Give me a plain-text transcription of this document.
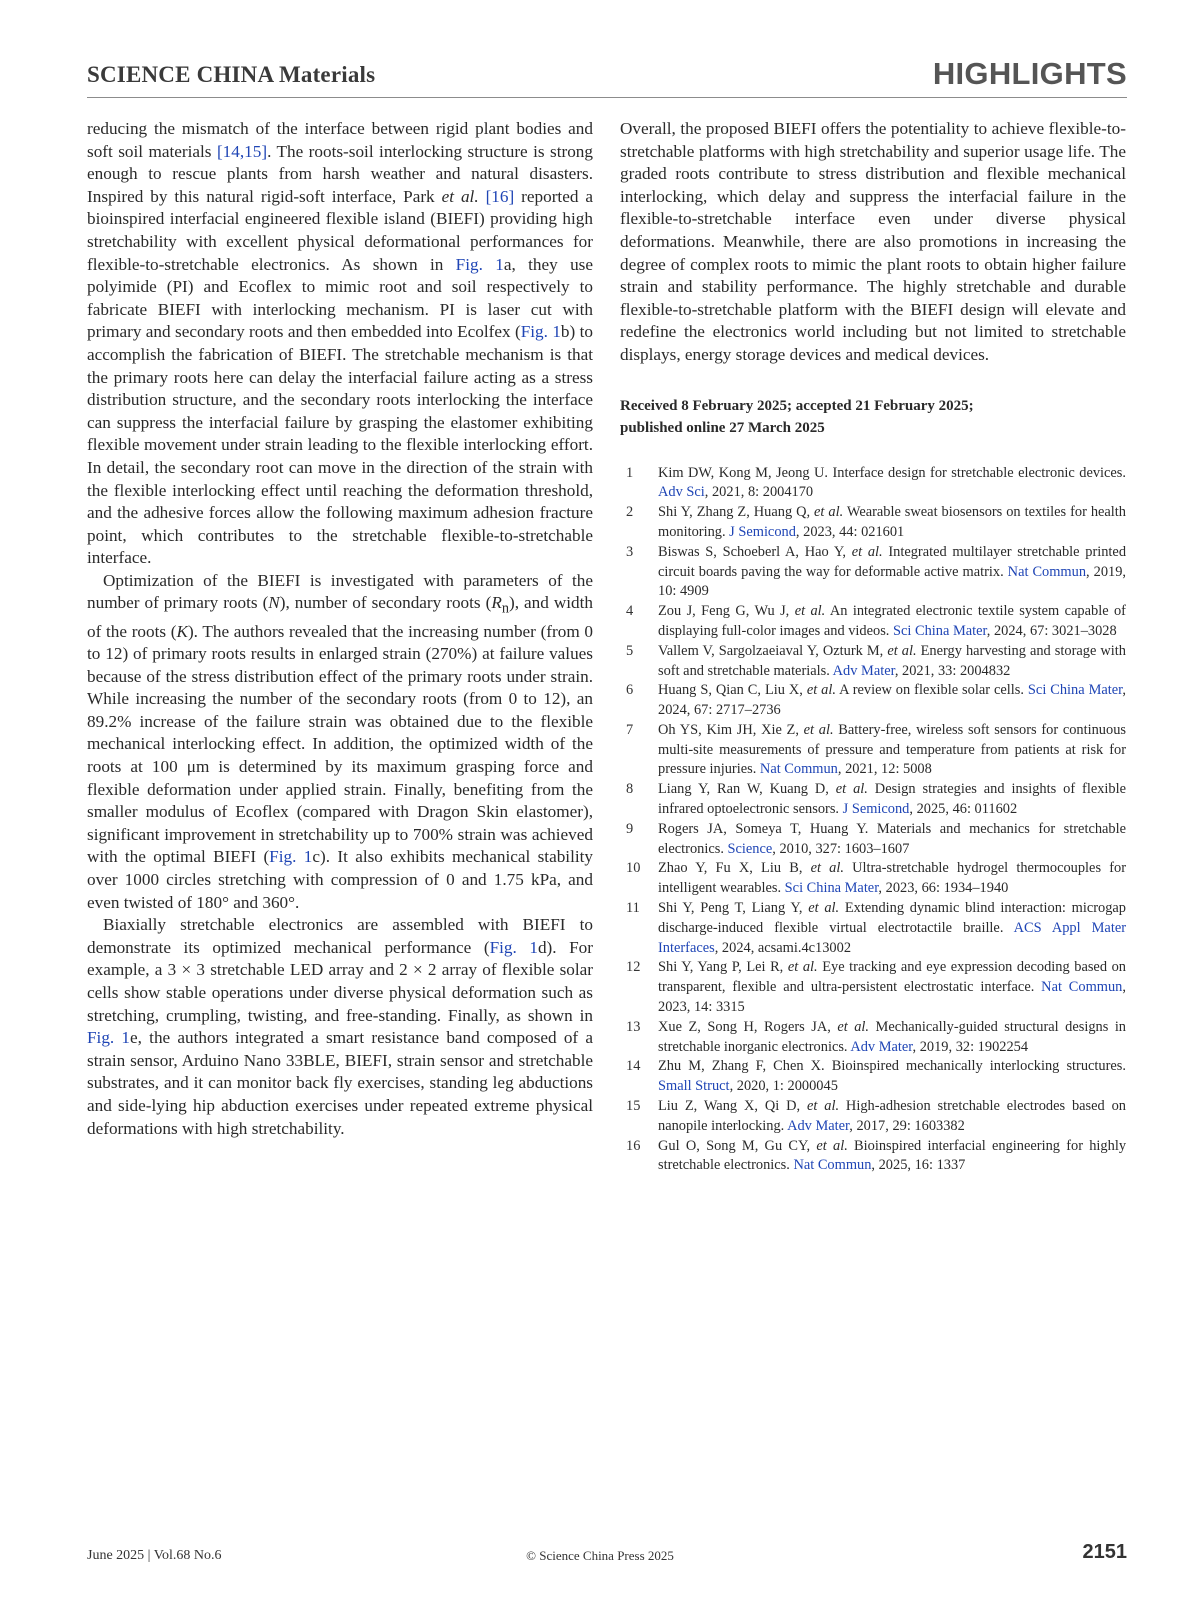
SCIENCE CHINA Materials	HIGHLIGHTS

reducing the mismatch of the interface between rigid plant bodies and soft soil materials [14,15]. The roots-soil interlocking structure is strong enough to rescue plants from harsh weather and natural disasters. Inspired by this natural rigid-soft interface, Park et al. [16] reported a bioinspired interfacial engineered flexible island (BIEFI) providing high stretchability with excellent physical deformational performances for flexible-to-stretchable electronics. As shown in Fig. 1a, they use polyimide (PI) and Ecoflex to mimic root and soil respectively to fabricate BIEFI with interlocking mechanism. PI is laser cut with primary and secondary roots and then embedded into Ecolfex (Fig. 1b) to accomplish the fabrication of BIEFI. The stretchable mechanism is that the primary roots here can delay the interfacial failure acting as a stress distribution structure, and the secondary roots interlocking the interface can suppress the interfacial failure by grasping the elastomer exhibiting flexible movement under strain leading to the flexible interlocking effort. In detail, the secondary root can move in the direction of the strain with the flexible interlocking effect until reaching the deformation threshold, and the adhesive forces allow the following maximum adhesion fracture point, which contributes to the stretchable flexible-to-stretchable interface.

Optimization of the BIEFI is investigated with parameters of the number of primary roots (N), number of secondary roots $(R_n)$, and width of the roots (K). The authors revealed that the increasing number (from 0 to 12) of primary roots results in enlarged strain (270%) at failure values because of the stress distribution effect of the primary roots under strain. While increasing the number of the secondary roots (from 0 to 12), an 89.2% increase of the failure strain was obtained due to the flexible mechanical interlocking effect. In addition, the optimized width of the roots at 100 μm is determined by its maximum grasping force and flexible deformation under applied strain. Finally, benefiting from the smaller modulus of Ecoflex (compared with Dragon Skin elastomer), significant improvement in stretchability up to 700% strain was achieved with the optimal BIEFI (Fig. 1c). It also exhibits mechanical stability over 1000 circles stretching with compression of 0 and 1.75 kPa, and even twisted of 180° and 360°.

Biaxially stretchable electronics are assembled with BIEFI to demonstrate its optimized mechanical performance (Fig. 1d). For example, a 3 × 3 stretchable LED array and 2 × 2 array of flexible solar cells show stable operations under diverse physical deformation such as stretching, crumpling, twisting, and free-standing. Finally, as shown in Fig. 1e, the authors integrated a smart resistance band composed of a strain sensor, Arduino Nano 33BLE, BIEFI, strain sensor and stretchable substrates, and it can monitor back fly exercises, standing leg abductions and side-lying hip abduction exercises under repeated extreme physical deformations with high stretchability.

Overall, the proposed BIEFI offers the potentiality to achieve flexible-to-stretchable platforms with high stretchability and superior usage life. The graded roots contribute to stress distribution and flexible mechanical interlocking, which delay and suppress the interfacial failure in the flexible-to-stretchable interface even under diverse physical deformations. Meanwhile, there are also promotions in increasing the degree of complex roots to mimic the plant roots to obtain higher failure strain and stability performance. The highly stretchable and durable flexible-to-stretchable platform with the BIEFI design will elevate and redefine the electronics world including but not limited to stretchable displays, energy storage devices and medical devices.

Received 8 February 2025; accepted 21 February 2025;
published online 27 March 2025
1	Kim DW, Kong M, Jeong U. Interface design for stretchable electronic devices. Adv Sci, 2021, 8: 2004170
2	Shi Y, Zhang Z, Huang Q, et al. Wearable sweat biosensors on textiles for health monitoring. J Semicond, 2023, 44: 021601
3	Biswas S, Schoeberl A, Hao Y, et al. Integrated multilayer stretchable printed circuit boards paving the way for deformable active matrix. Nat Commun, 2019, 10: 4909
4	Zou J, Feng G, Wu J, et al. An integrated electronic textile system capable of displaying full-color images and videos. Sci China Mater, 2024, 67: 3021–3028
5	Vallem V, Sargolzaeiaval Y, Ozturk M, et al. Energy harvesting and storage with soft and stretchable materials. Adv Mater, 2021, 33: 2004832
6	Huang S, Qian C, Liu X, et al. A review on flexible solar cells. Sci China Mater, 2024, 67: 2717–2736
7	Oh YS, Kim JH, Xie Z, et al. Battery-free, wireless soft sensors for continuous multi-site measurements of pressure and temperature from patients at risk for pressure injuries. Nat Commun, 2021, 12: 5008
8	Liang Y, Ran W, Kuang D, et al. Design strategies and insights of flexible infrared optoelectronic sensors. J Semicond, 2025, 46: 011602
9	Rogers JA, Someya T, Huang Y. Materials and mechanics for stretchable electronics. Science, 2010, 327: 1603–1607
10	Zhao Y, Fu X, Liu B, et al. Ultra-stretchable hydrogel thermocouples for intelligent wearables. Sci China Mater, 2023, 66: 1934–1940
11	Shi Y, Peng T, Liang Y, et al. Extending dynamic blind interaction: microgap discharge-induced flexible virtual electrotactile braille. ACS Appl Mater Interfaces, 2024, acsami.4c13002
12	Shi Y, Yang P, Lei R, et al. Eye tracking and eye expression decoding based on transparent, flexible and ultra-persistent electrostatic interface. Nat Commun, 2023, 14: 3315
13	Xue Z, Song H, Rogers JA, et al. Mechanically-guided structural designs in stretchable inorganic electronics. Adv Mater, 2019, 32: 1902254
14	Zhu M, Zhang F, Chen X. Bioinspired mechanically interlocking structures. Small Struct, 2020, 1: 2000045
15	Liu Z, Wang X, Qi D, et al. High-adhesion stretchable electrodes based on nanopile interlocking. Adv Mater, 2017, 29: 1603382
16	Gul O, Song M, Gu CY, et al. Bioinspired interfacial engineering for highly stretchable electronics. Nat Commun, 2025, 16: 1337
June 2025 | Vol.68 No.6	© Science China Press 2025	2151
